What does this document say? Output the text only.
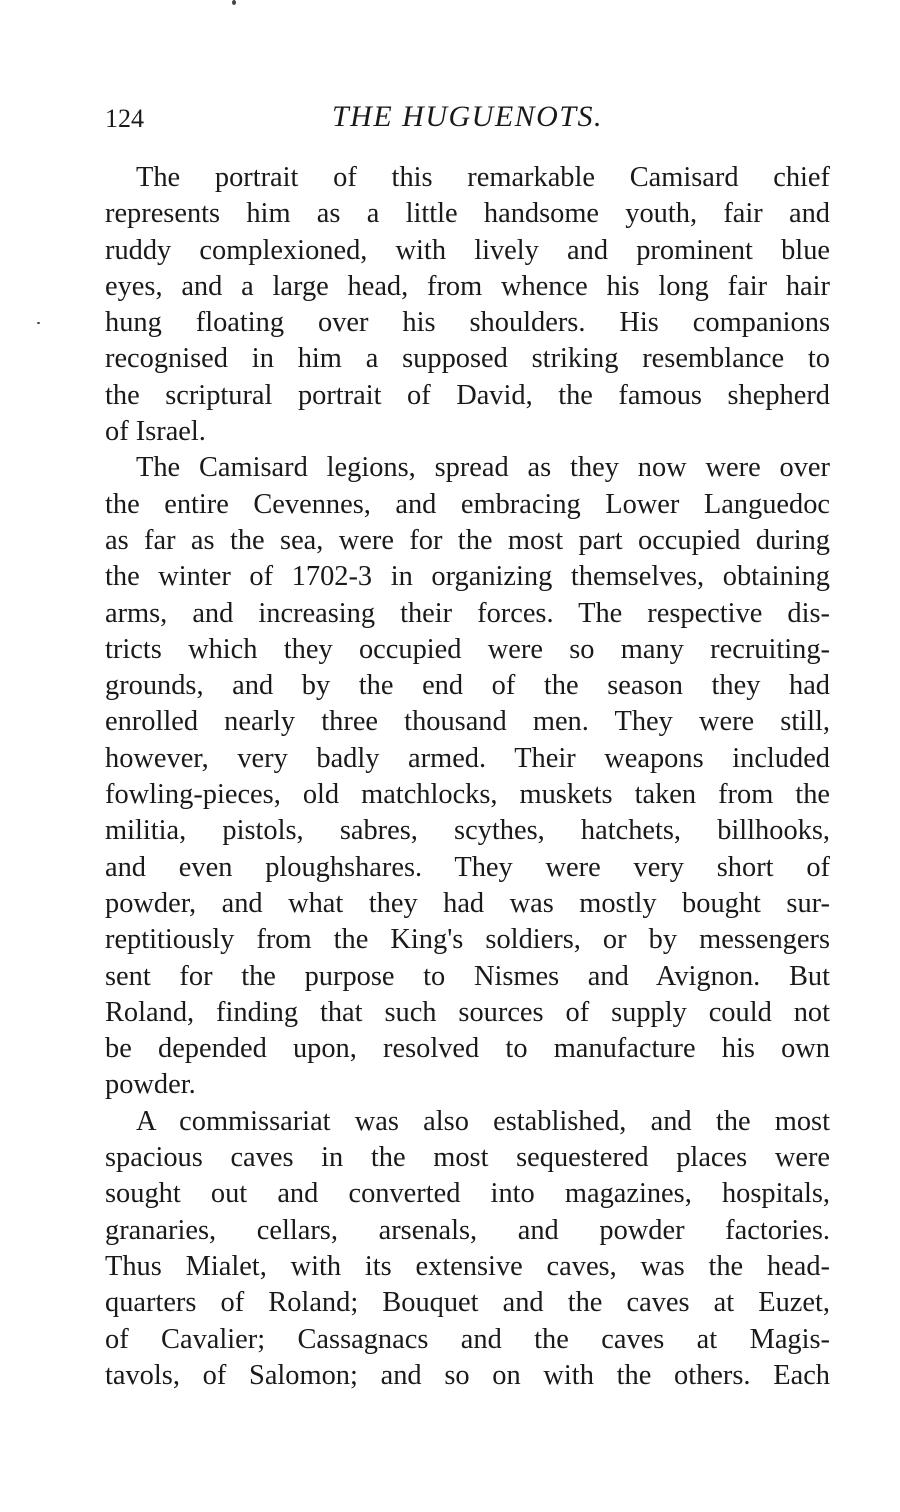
124	THE HUGUENOTS.

The portrait of this remarkable Camisard chief
represents him as a little handsome youth, fair and
ruddy complexioned, with lively and prominent blue
eyes, and a large head, from whence his long fair hair
hung floating over his shoulders. His companions
recognised in him a supposed striking resemblance to
the scriptural portrait of David, the famous shepherd
of Israel.

The Camisard legions, spread as they now were over
the entire Cevennes, and embracing Lower Languedoc
as far as the sea, were for the most part occupied during
the winter of 1702-3 in organizing themselves, obtaining
arms, and increasing their forces. The respective dis-
tricts which they occupied were so many recruiting-
grounds, and by the end of the season they had
enrolled nearly three thousand men. They were still,
however, very badly armed. Their weapons included
fowling-pieces, old matchlocks, muskets taken from the
militia, pistols, sabres, scythes, hatchets, billhooks,
and even ploughshares. They were very short of
powder, and what they had was mostly bought sur-
reptitiously from the King's soldiers, or by messengers
sent for the purpose to Nismes and Avignon. But
Roland, finding that such sources of supply could not
be depended upon, resolved to manufacture his own
powder.

A commissariat was also established, and the most
spacious caves in the most sequestered places were
sought out and converted into magazines, hospitals,
granaries, cellars, arsenals, and powder factories.
Thus Mialet, with its extensive caves, was the head-
quarters of Roland; Bouquet and the caves at Euzet,
of Cavalier; Cassagnacs and the caves at Magis-
tavols, of Salomon; and so on with the others. Each
